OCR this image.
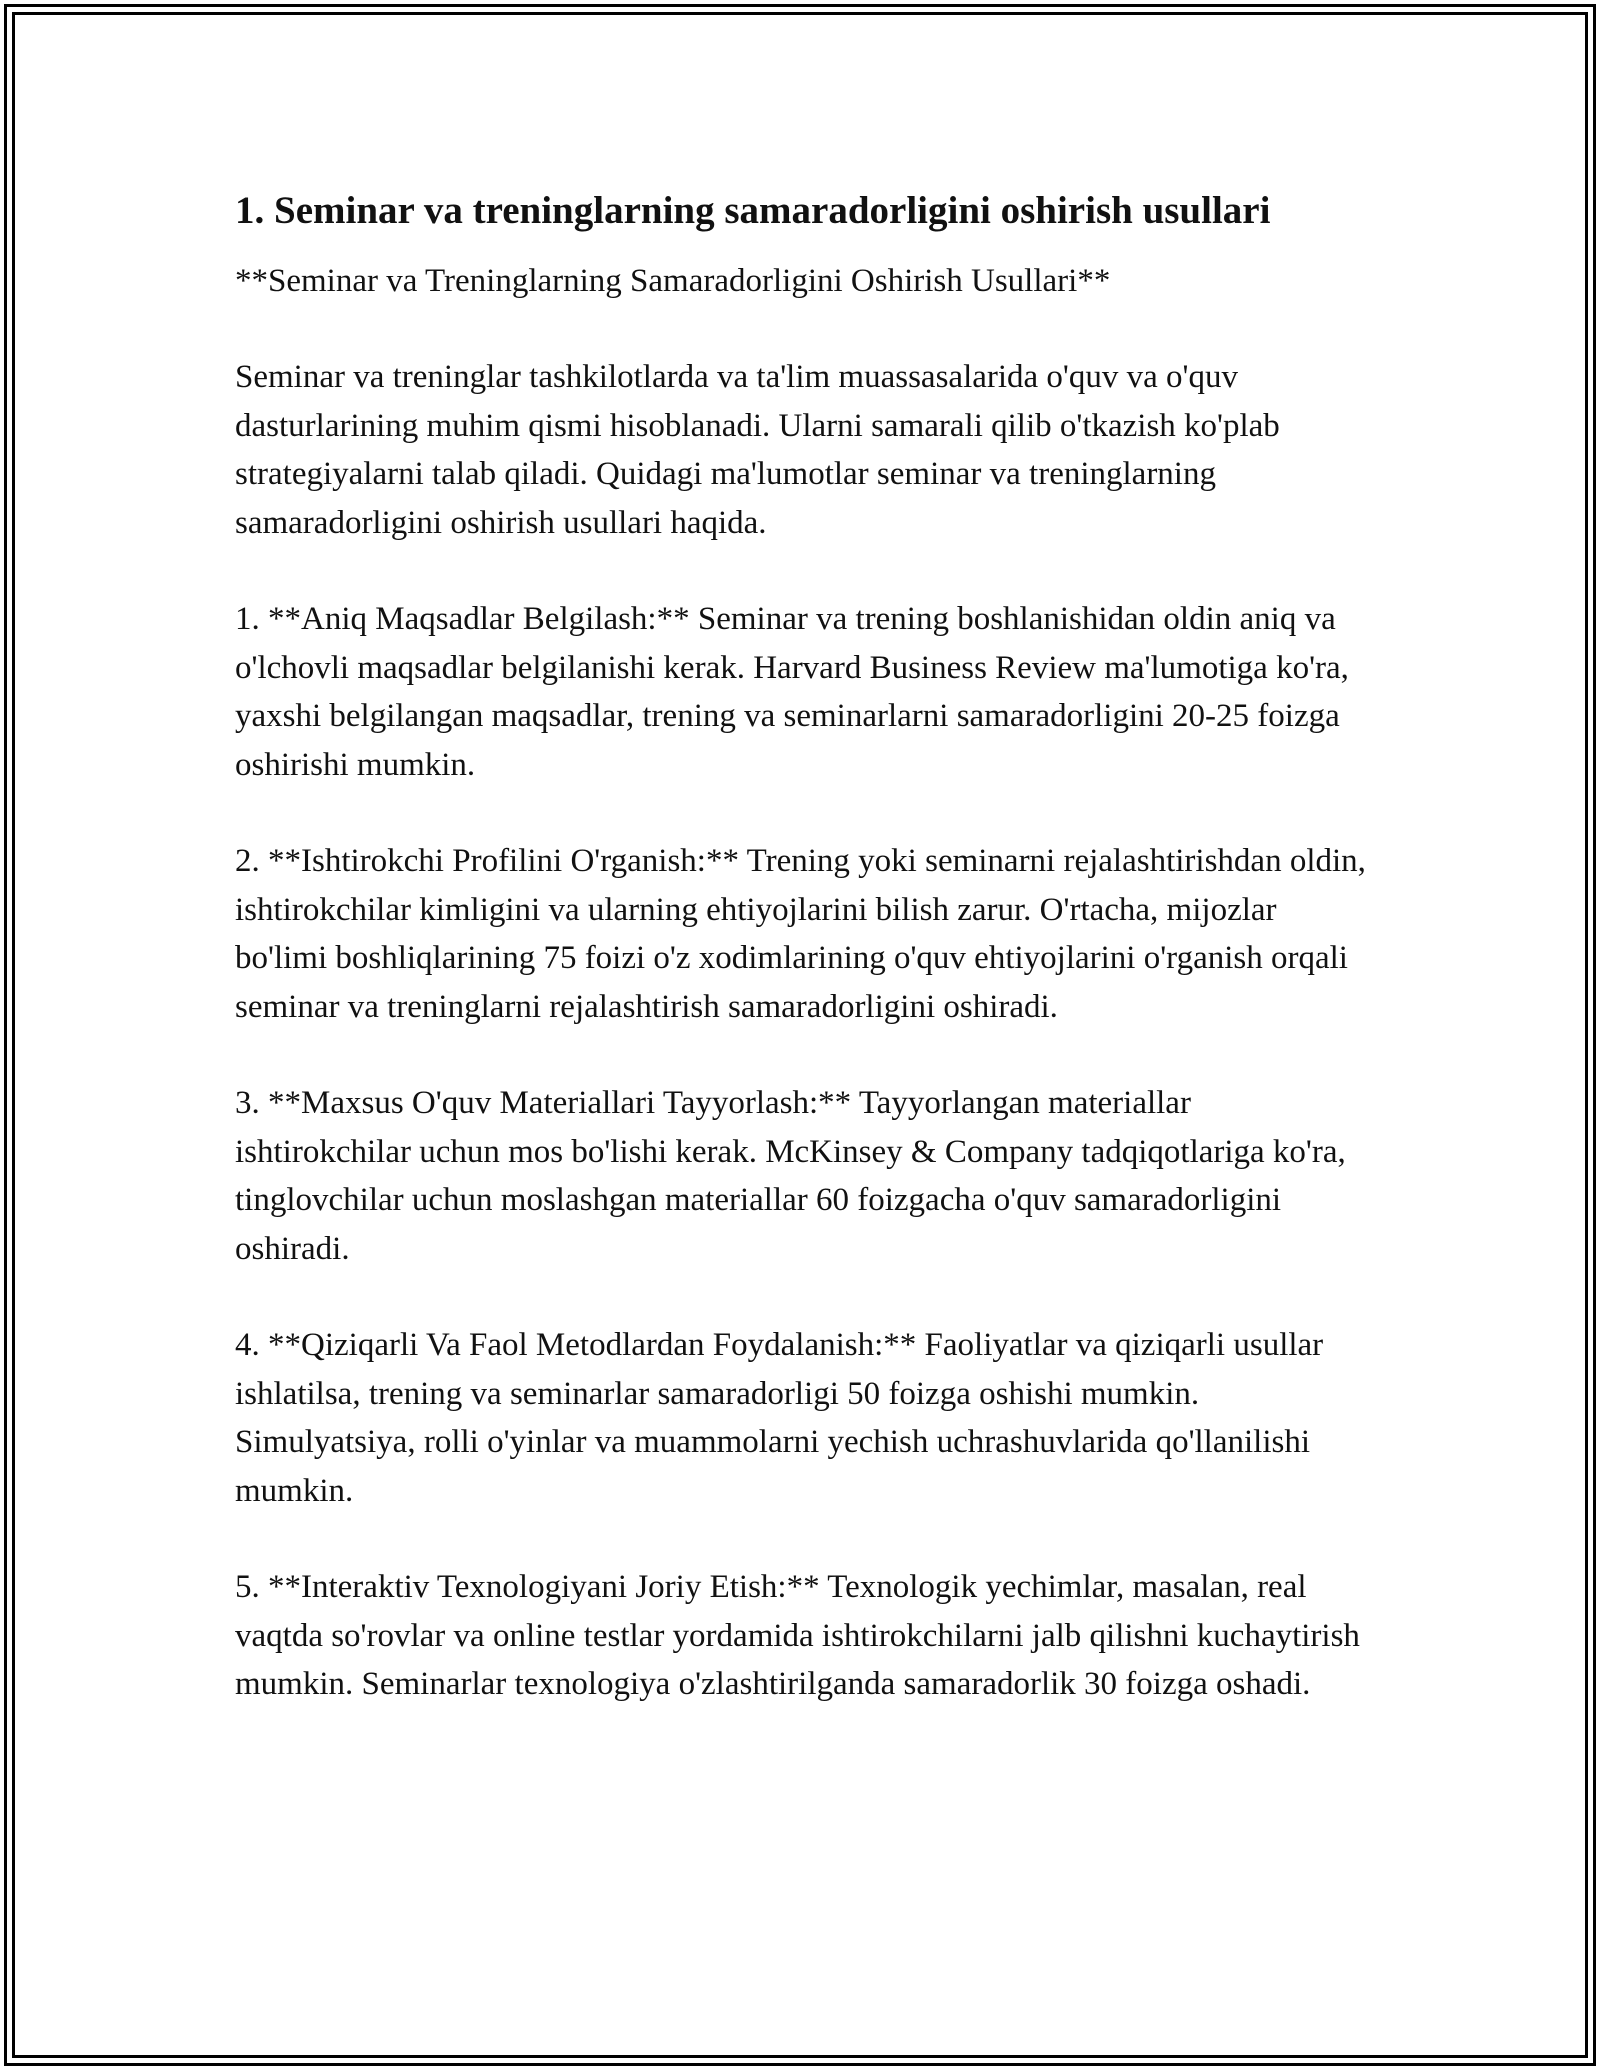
1. Seminar va treninglarning samaradorligini oshirish usullari

**Seminar va Treninglarning Samaradorligini Oshirish Usullari**

Seminar va treninglar tashkilotlarda va ta'lim muassasalarida o'quv va o'quv dasturlarining muhim qismi hisoblanadi. Ularni samarali qilib o'tkazish ko'plab strategiyalarni talab qiladi. Quidagi ma'lumotlar seminar va treninglarning samaradorligini oshirish usullari haqida.

1. **Aniq Maqsadlar Belgilash:** Seminar va trening boshlanishidan oldin aniq va o'lchovli maqsadlar belgilanishi kerak. Harvard Business Review ma'lumotiga ko'ra, yaxshi belgilangan maqsadlar, trening va seminarlarni samaradorligini 20-25 foizga oshirishi mumkin.

2. **Ishtirokchi Profilini O'rganish:** Trening yoki seminarni rejalashtirishdan oldin, ishtirokchilar kimligini va ularning ehtiyojlarini bilish zarur. O'rtacha, mijozlar bo'limi boshliqlarining 75 foizi o'z xodimlarining o'quv ehtiyojlarini o'rganish orqali seminar va treninglarni rejalashtirish samaradorligini oshiradi.

3. **Maxsus O'quv Materiallari Tayyorlash:** Tayyorlangan materiallar ishtirokchilar uchun mos bo'lishi kerak. McKinsey & Company tadqiqotlariga ko'ra, tinglovchilar uchun moslashgan materiallar 60 foizgacha o'quv samaradorligini oshiradi.

4. **Qiziqarli Va Faol Metodlardan Foydalanish:** Faoliyatlar va qiziqarli usullar ishlatilsa, trening va seminarlar samaradorligi 50 foizga oshishi mumkin. Simulyatsiya, rolli o'yinlar va muammolarni yechish uchrashuvlarida qo'llanilishi mumkin.

5. **Interaktiv Texnologiyani Joriy Etish:** Texnologik yechimlar, masalan, real vaqtda so'rovlar va online testlar yordamida ishtirokchilarni jalb qilishni kuchaytirish mumkin. Seminarlar texnologiya o'zlashtirilganda samaradorlik 30 foizga oshadi.
